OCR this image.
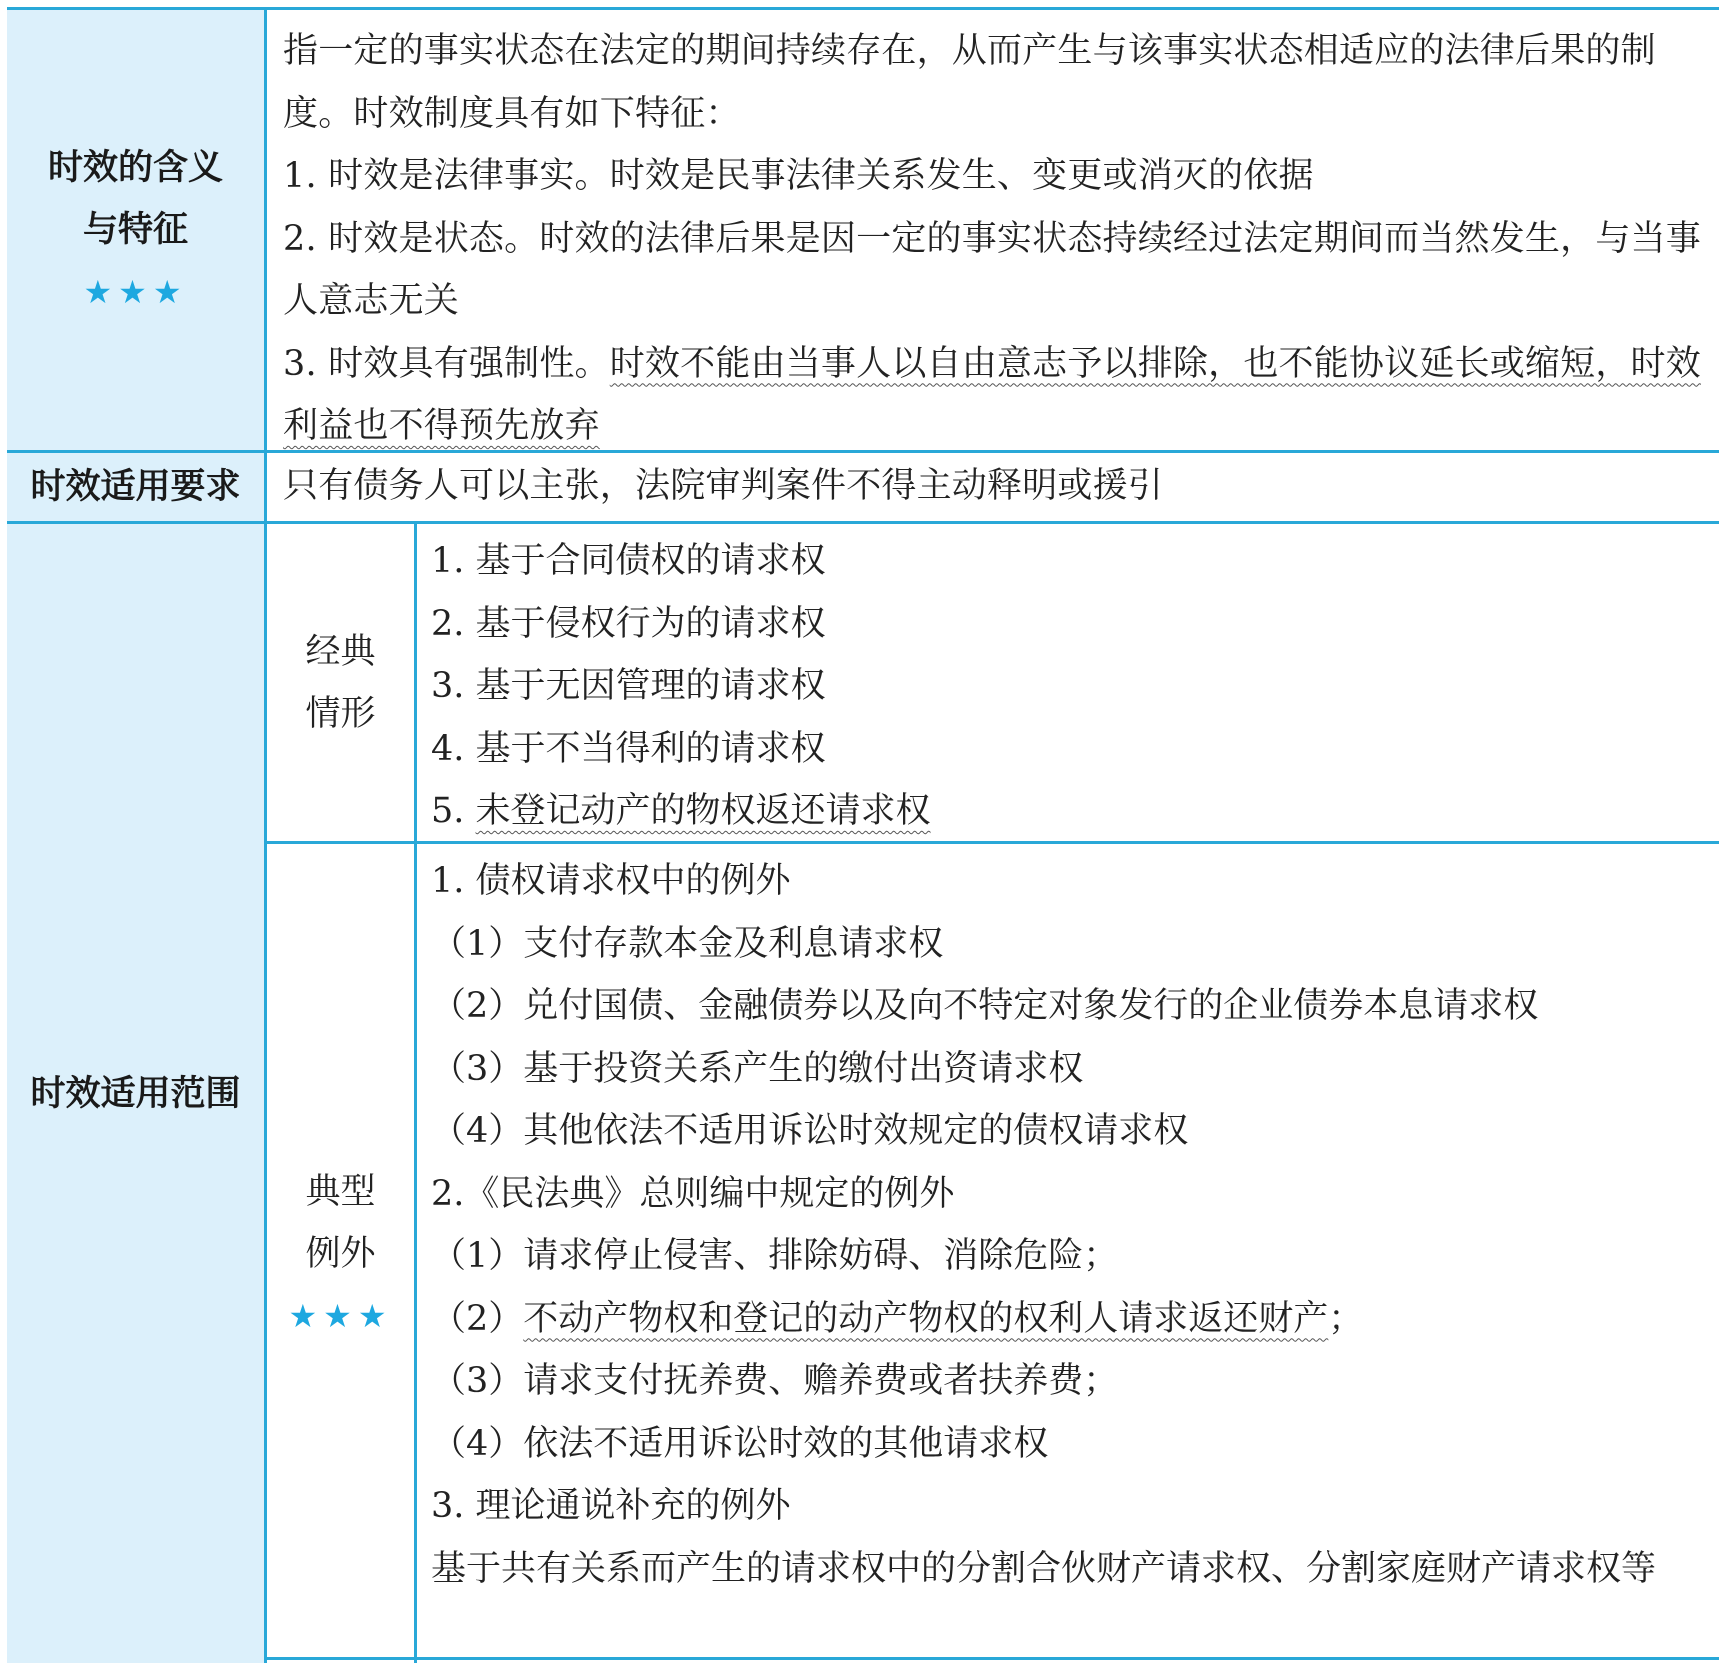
时效的含义
与特征
★★★

指一定的事实状态在法定的期间持续存在，从而产生与该事实状态相适应的法律后果的制度。时效制度具有如下特征：

1. 时效是法律事实。时效是民事法律关系发生、变更或消灭的依据

2. 时效是状态。时效的法律后果是因一定的事实状态持续经过法定期间而当然发生，与当事人意志无关

3. 时效具有强制性。时效不能由当事人以自由意志予以排除，也不能协议延长或缩短，时效利益也不得预先放弃

时效适用要求 只有债务人可以主张，法院审判案件不得主动释明或援引

时效适用范围
经典
情形

1. 基于合同债权的请求权

2. 基于侵权行为的请求权

3. 基于无因管理的请求权

4. 基于不当得利的请求权

5. 未登记动产的物权返还请求权

典型
例外
★★★

1. 债权请求权中的例外

（1）支付存款本金及利息请求权

（2）兑付国债、金融债券以及向不特定对象发行的企业债券本息请求权

（3）基于投资关系产生的缴付出资请求权

（4）其他依法不适用诉讼时效规定的债权请求权

2.《民法典》总则编中规定的例外

（1）请求停止侵害、排除妨碍、消除危险；

（2）不动产物权和登记的动产物权的权利人请求返还财产；

（3）请求支付抚养费、赡养费或者扶养费；

（4）依法不适用诉讼时效的其他请求权

3. 理论通说补充的例外

基于共有关系而产生的请求权中的分割合伙财产请求权、分割家庭财产请求权等
